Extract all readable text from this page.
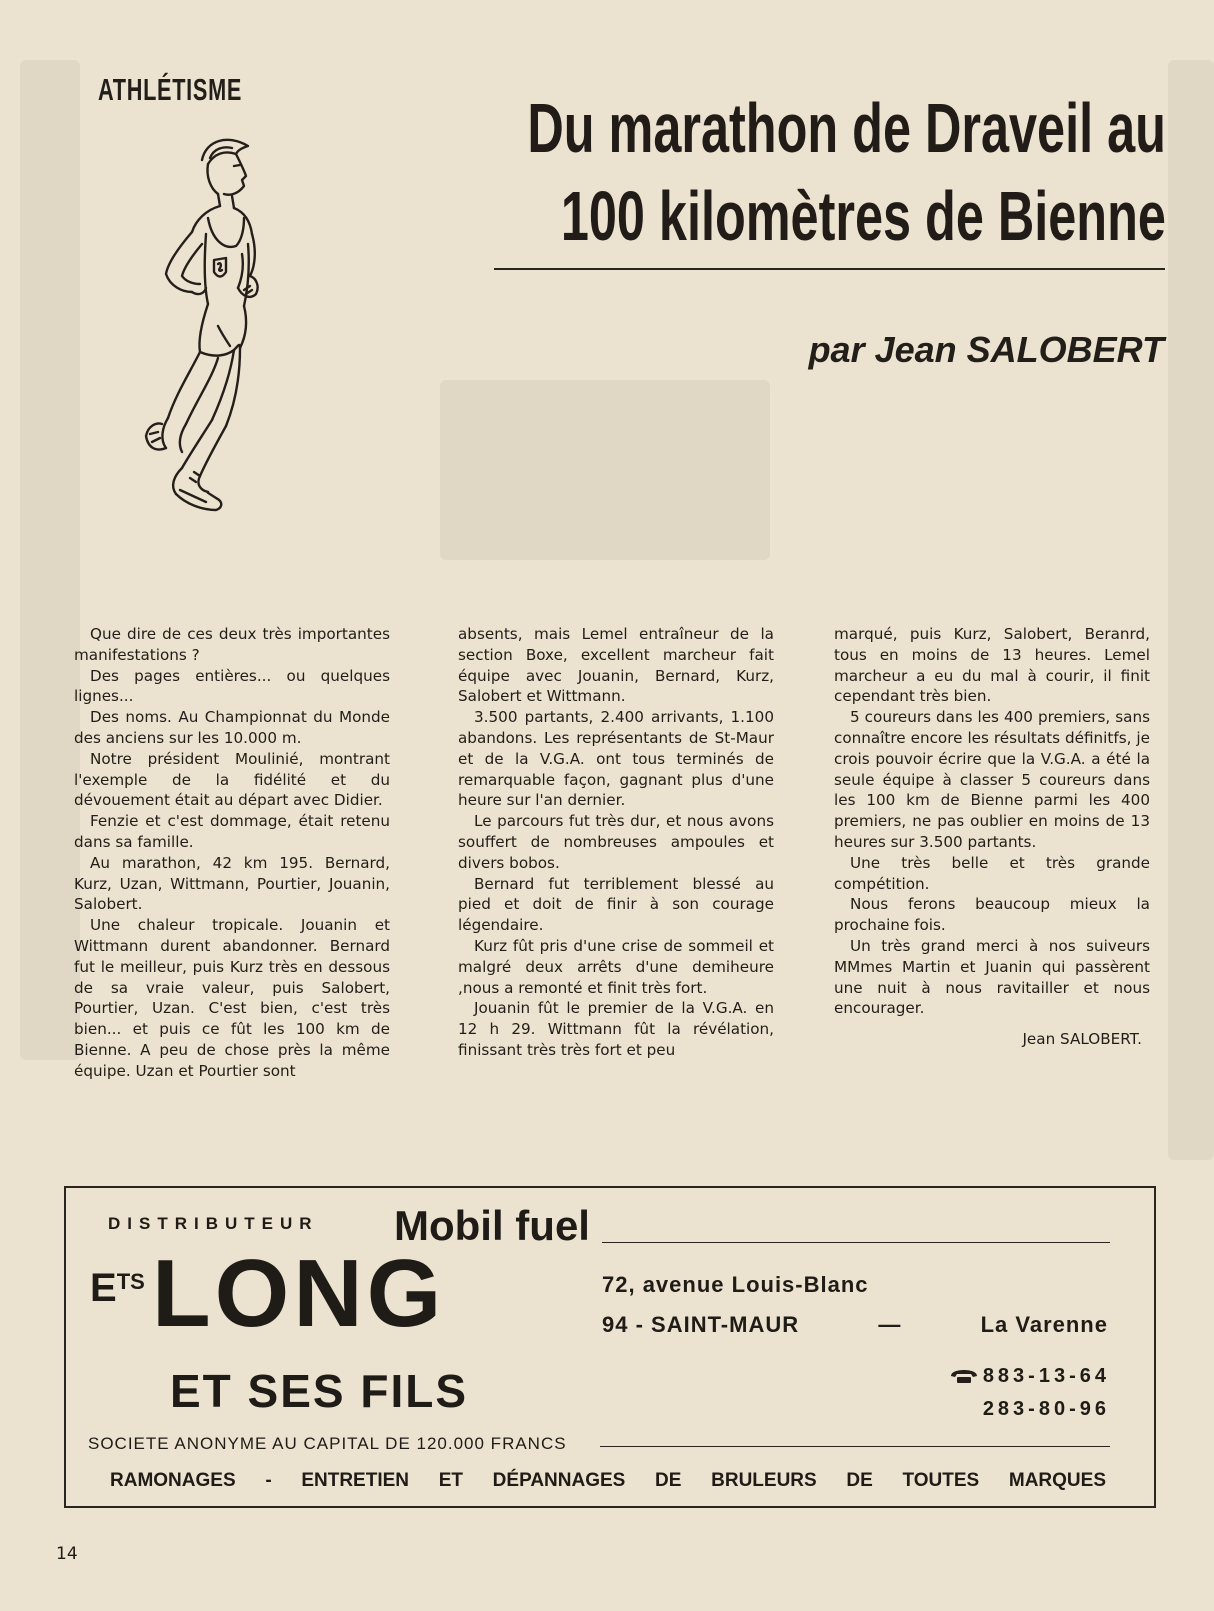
ATHLÉTISME	Du marathon de Draveil au
100 kilomètres de Bienne

par Jean SALOBERT

Que dire de ces deux très importantes manifestations ?

Des pages entières... ou quelques lignes...

Des noms. Au Championnat du Monde des anciens sur les 10.000 m.

Notre président Moulinié, montrant l'exemple de la fidélité et du dévouement était au départ avec Didier.

Fenzie et c'est dommage, était retenu dans sa famille.

Au marathon, 42 km 195. Bernard, Kurz, Uzan, Wittmann, Pourtier, Jouanin, Salobert.

Une chaleur tropicale. Jouanin et Wittmann durent abandonner. Bernard fut le meilleur, puis Kurz très en dessous de sa vraie valeur, puis Salobert, Pourtier, Uzan. C'est bien, c'est très bien... et puis ce fût les 100 km de Bienne. A peu de chose près la même équipe. Uzan et Pourtier sont

absents, mais Lemel entraîneur de la section Boxe, excellent marcheur fait équipe avec Jouanin, Bernard, Kurz, Salobert et Wittmann.

3.500 partants, 2.400 arrivants, 1.100 abandons. Les représentants de St-Maur et de la V.G.A. ont tous terminés de remarquable façon, gagnant plus d'une heure sur l'an dernier.

Le parcours fut très dur, et nous avons souffert de nombreuses ampoules et divers bobos.

Bernard fut terriblement blessé au pied et doit de finir à son courage légendaire.

Kurz fût pris d'une crise de sommeil et malgré deux arrêts d'une demiheure ,nous a remonté et finit très fort.

Jouanin fût le premier de la V.G.A. en 12 h 29. Wittmann fût la révélation, finissant très très fort et peu

marqué, puis Kurz, Salobert, Beranrd, tous en moins de 13 heures. Lemel marcheur a eu du mal à courir, il finit cependant très bien.

5 coureurs dans les 400 premiers, sans connaître encore les résultats définitfs, je crois pouvoir écrire que la V.G.A. a été la seule équipe à classer 5 coureurs dans les 100 km de Bienne parmi les 400 premiers, ne pas oublier en moins de 13 heures sur 3.500 partants.

Une très belle et très grande compétition.

Nous ferons beaucoup mieux la prochaine fois.

Un très grand merci à nos suiveurs MMmes Martin et Juanin qui passèrent une nuit à nous ravitailler et nous encourager.

Jean SALOBERT.

DISTRIBUTEUR Mobil fuel

$E^{TS}$ LONG

ET SES FILS

SOCIETE ANONYME AU CAPITAL DE 120.000 FRANCS

72, avenue Louis-Blanc

94 - SAINT-MAUR	—	La Varenne

883-13-64
283-80-96

RAMONAGES - ENTRETIEN ET DÉPANNAGES DE BRULEURS DE TOUTES MARQUES

14
